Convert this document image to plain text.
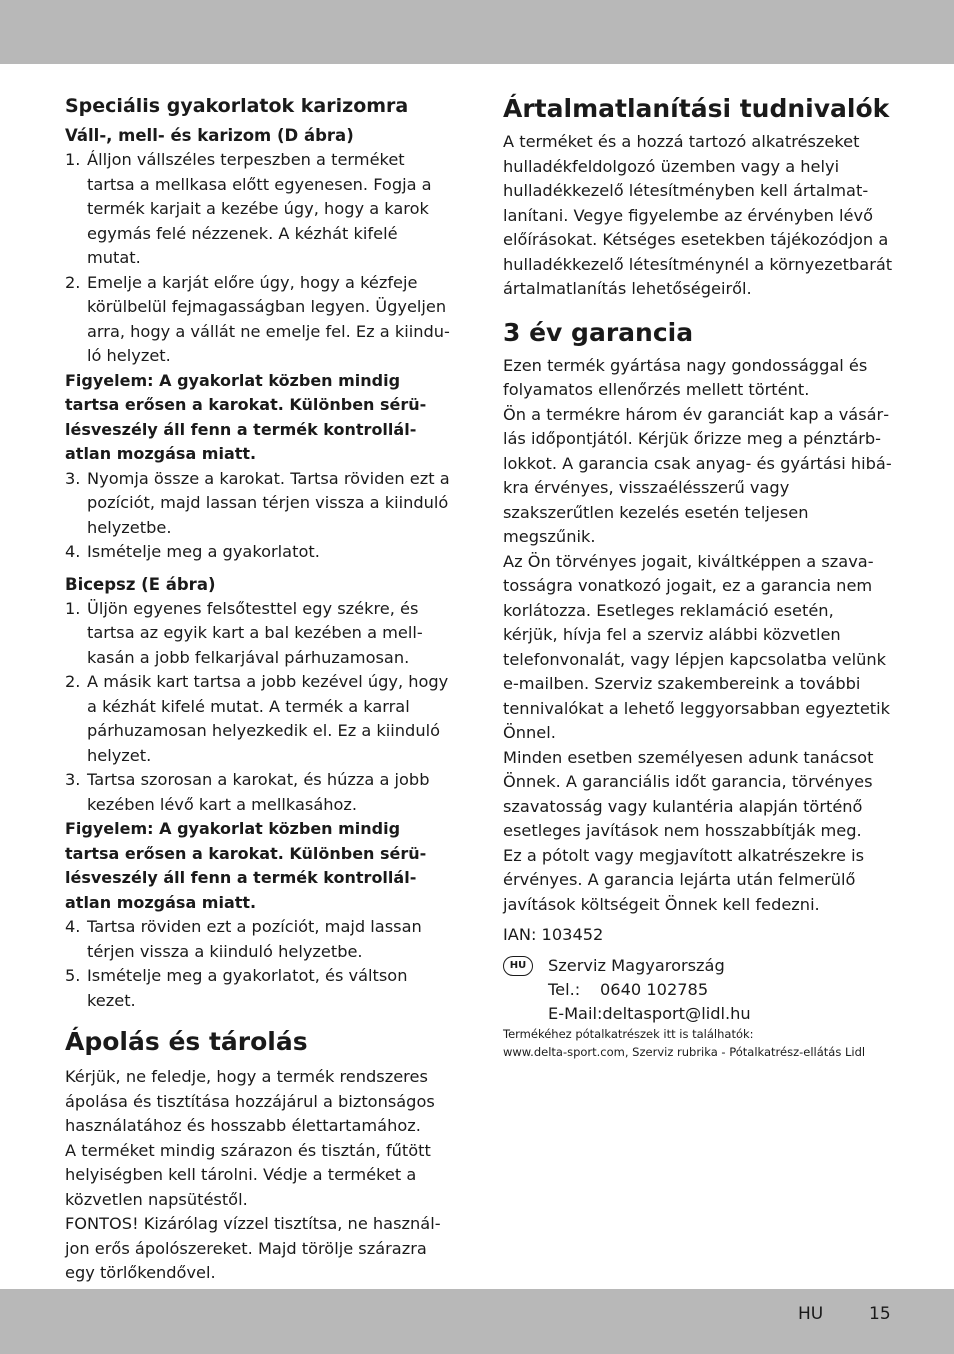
Speciális gyakorlatok karizomra
Váll-, mell- és karizom (D ábra)
1. Álljon vállszéles terpeszben a terméket tartsa a mellkasa előtt egyenesen. Fogja a termék karjait a kezébe úgy, hogy a karok egymás felé nézzenek. A kézhát kifelé mutat.
2. Emelje a karját előre úgy, hogy a kézfeje körülbelül fejmagasságban legyen. Ügyeljen arra, hogy a vállát ne emelje fel. Ez a kiinduló helyzet.

Figyelem: A gyakorlat közben mindig tartsa erősen a karokat. Különben sérülésveszély áll fenn a termék kontrollálatlan mozgása miatt.

3. Nyomja össze a karokat. Tartsa röviden ezt a pozíciót, majd lassan térjen vissza a kiinduló helyzetbe.
4. Ismételje meg a gyakorlatot.
Bicepsz (E ábra)
1. Üljön egyenes felsőtesttel egy székre, és tartsa az egyik kart a bal kezében a mellkasán a jobb felkarjával párhuzamosan.
2. A másik kart tartsa a jobb kezével úgy, hogy a kézhát kifelé mutat. A termék a karral párhuzamosan helyezkedik el. Ez a kiinduló helyzet.
3. Tartsa szorosan a karokat, és húzza a jobb kezében lévő kart a mellkasához.

Figyelem: A gyakorlat közben mindig tartsa erősen a karokat. Különben sérülésveszély áll fenn a termék kontrollálatlan mozgása miatt.

4. Tartsa röviden ezt a pozíciót, majd lassan térjen vissza a kiinduló helyzetbe.
5. Ismételje meg a gyakorlatot, és váltson kezet.
Ápolás és tárolás

Kérjük, ne feledje, hogy a termék rendszeres ápolása és tisztítása hozzájárul a biztonságos használatához és hosszabb élettartamához.

A terméket mindig szárazon és tisztán, fűtött helyiségben kell tárolni. Védje a terméket a közvetlen napsütéstől.

FONTOS! Kizárólag vízzel tisztítsa, ne használjon erős ápolószereket. Majd törölje szárazra egy törlőkendővel.

Ártalmatlanítási tudnivalók

A terméket és a hozzá tartozó alkatrészeket hulladékfeldolgozó üzemben vagy a helyi hulladékkezelő létesítményben kell ártalmatlanítani. Vegye figyelembe az érvényben lévő előírásokat. Kétséges esetekben tájékozódjon a hulladékkezelő létesítménynél a környezetbarát ártalmatlanítás lehetőségeiről.

3 év garancia

Ezen termék gyártása nagy gondossággal és folyamatos ellenőrzés mellett történt.

Ön a termékre három év garanciát kap a vásárlás időpontjától. Kérjük őrizze meg a pénztárblokkot. A garancia csak anyag- és gyártási hibákra érvényes, visszaélésszerű vagy szakszerűtlen kezelés esetén teljesen megszűnik.

Az Ön törvényes jogait, kiváltképpen a szavatosságra vonatkozó jogait, ez a garancia nem korlátozza. Esetleges reklamáció esetén, kérjük, hívja fel a szerviz alábbi közvetlen telefonvonalát, vagy lépjen kapcsolatba velünk e-mailben. Szerviz szakembereink a további tennivalókat a lehető leggyorsabban egyeztetik Önnel.

Minden esetben személyesen adunk tanácsot Önnek. A garanciális időt garancia, törvényes szavatosság vagy kulantéria alapján történő esetleges javítások nem hosszabbítják meg.

Ez a pótolt vagy megjavított alkatrészekre is érvényes. A garancia lejárta után felmerülő javítások költségeit Önnek kell fedezni.

IAN: 103452

HU	Szerviz Magyarország

Tel.:	0640 102785

E-Mail:deltasport@lidl.hu

Termékéhez pótalkatrészek itt is találhatók:

www.delta-sport.com, Szerviz rubrika - Pótalkatrész-ellátás Lidl

HU	15
